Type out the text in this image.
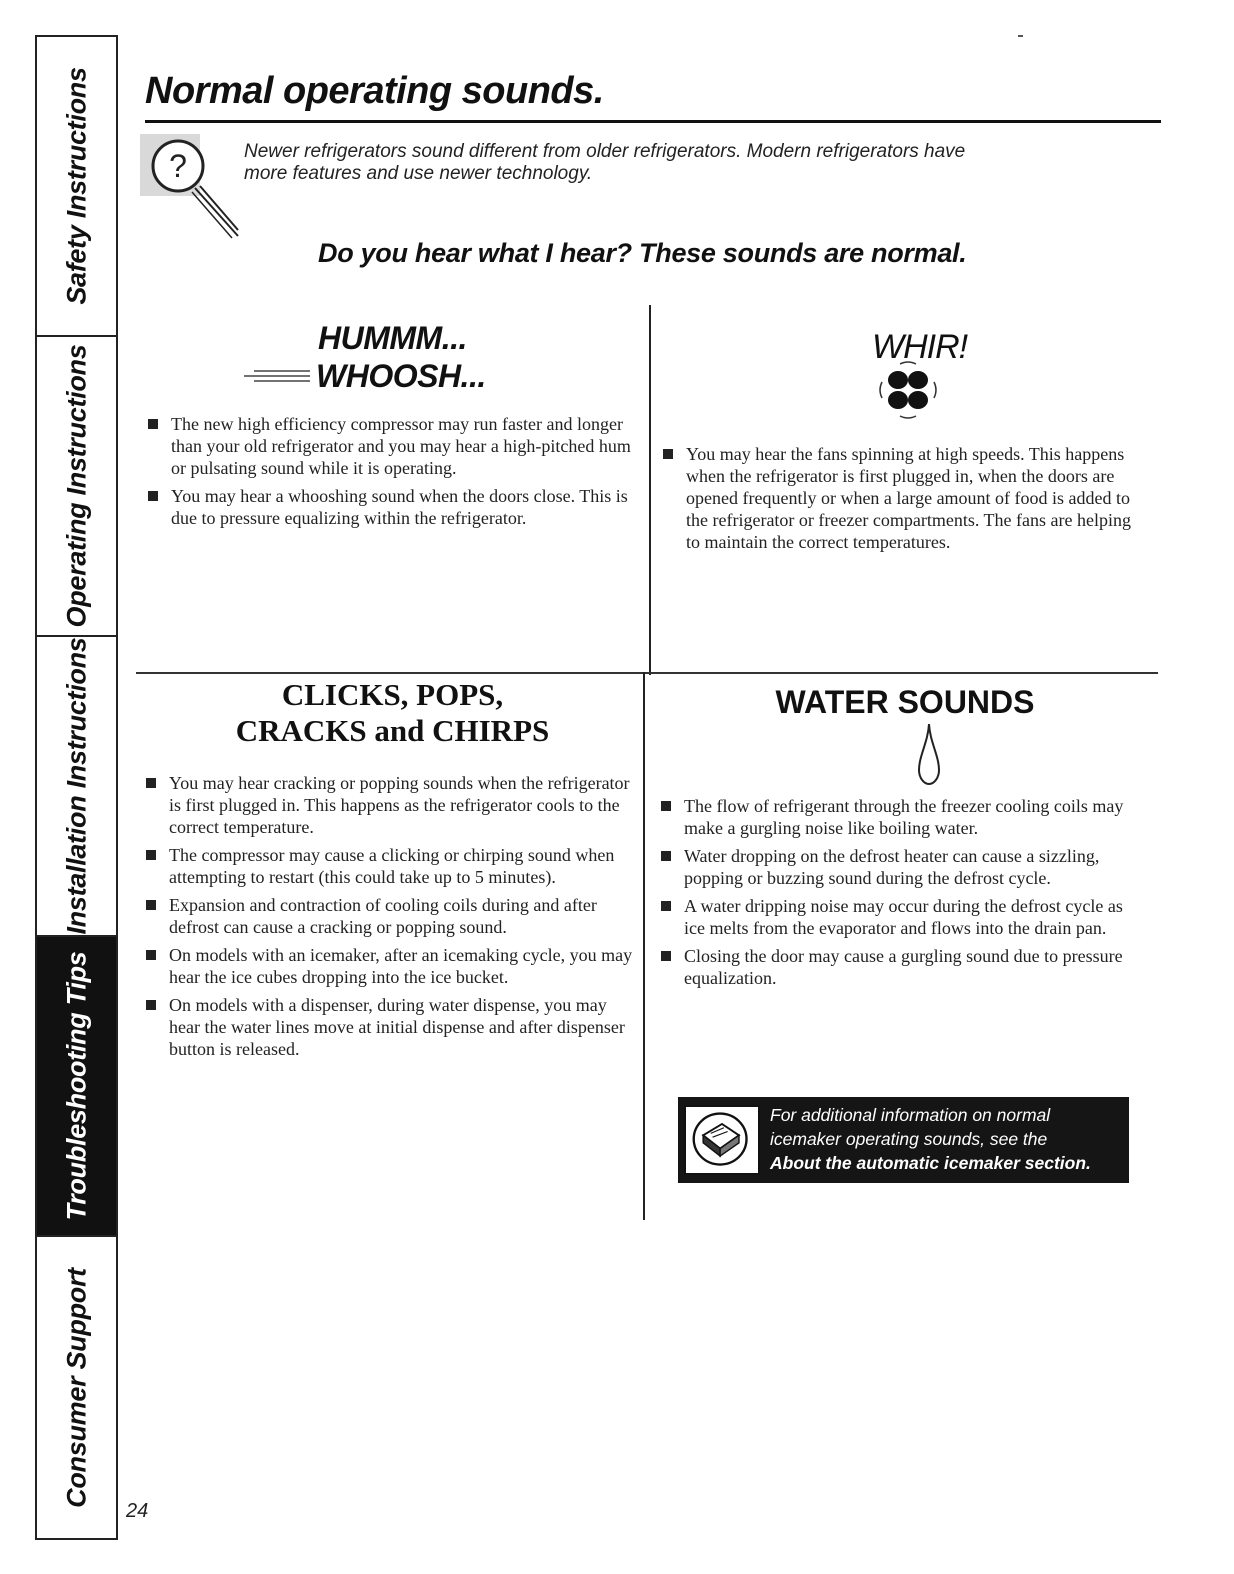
Safety Instructions
Operating Instructions
Installation Instructions
Troubleshooting Tips
Consumer Support
Normal operating sounds.
?	Newer refrigerators sound different from older refrigerators. Modern refrigerators have more features and use newer technology.
Do you hear what I hear? These sounds are normal.
HUMMM...
WHOOSH...
The new high efficiency compressor may run faster and longer than your old refrigerator and you may hear a high-pitched hum or pulsating sound while it is operating.
You may hear a whooshing sound when the doors close. This is due to pressure equalizing within the refrigerator.
WHIR!
You may hear the fans spinning at high speeds. This happens when the refrigerator is first plugged in, when the doors are opened frequently or when a large amount of food is added to the refrigerator or freezer compartments. The fans are helping to maintain the correct temperatures.
CLICKS, POPS,
CRACKS and CHIRPS
You may hear cracking or popping sounds when the refrigerator is first plugged in. This happens as the refrigerator cools to the correct temperature.
The compressor may cause a clicking or chirping sound when attempting to restart (this could take up to 5 minutes).
Expansion and contraction of cooling coils during and after defrost can cause a cracking or popping sound.
On models with an icemaker, after an icemaking cycle, you may hear the ice cubes dropping into the ice bucket.
On models with a dispenser, during water dispense, you may hear the water lines move at initial dispense and after dispenser button is released.
WATER SOUNDS
The flow of refrigerant through the freezer cooling coils may make a gurgling noise like boiling water.
Water dropping on the defrost heater can cause a sizzling, popping or buzzing sound during the defrost cycle.
A water dripping noise may occur during the defrost cycle as ice melts from the evaporator and flows into the drain pan.
Closing the door may cause a gurgling sound due to pressure equalization.
For additional information on normal
icemaker operating sounds, see the
About the automatic icemaker section.
24
